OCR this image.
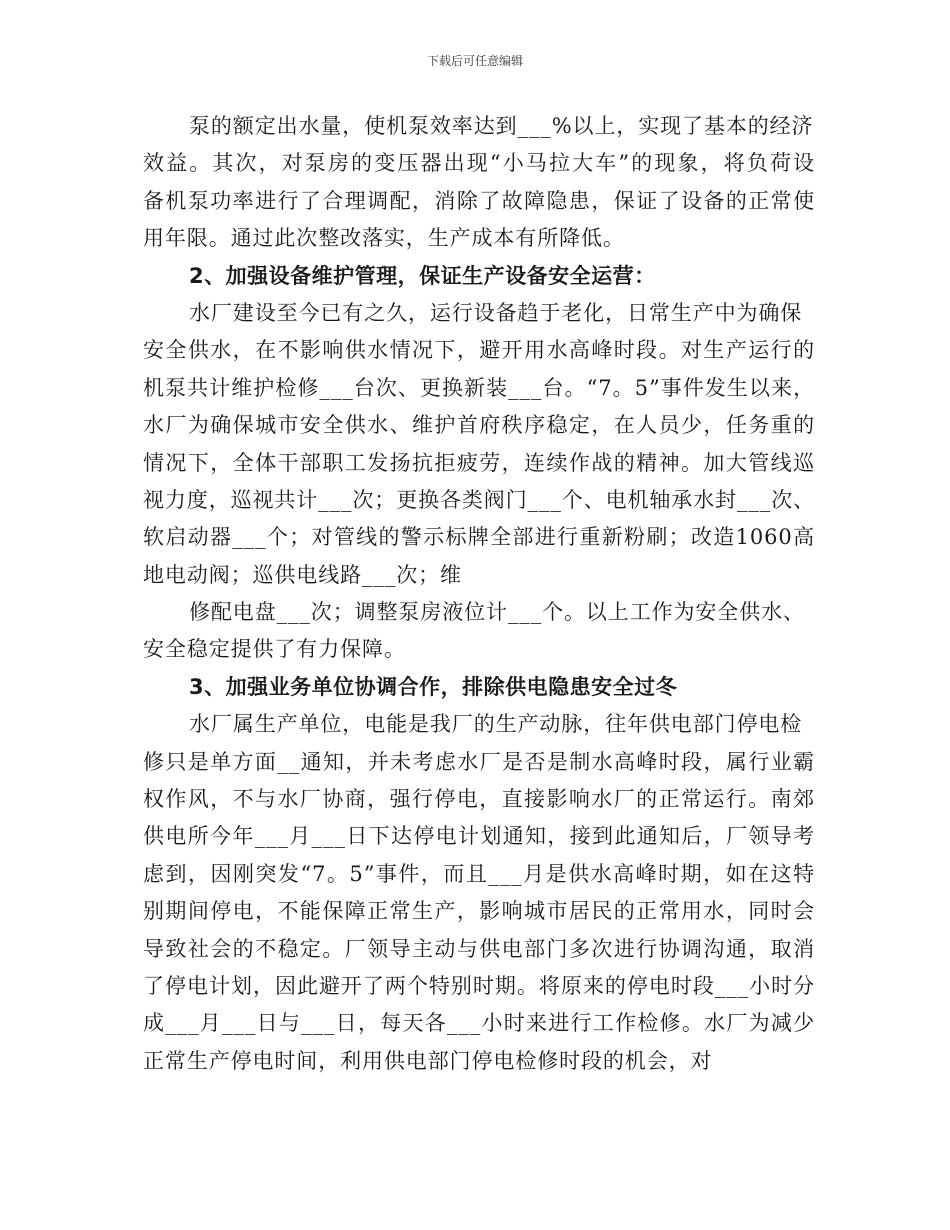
下载后可任意编辑
泵的额定出水量，使机泵效率达到___%以上，实现了基本的经济
效益。其次，对泵房的变压器出现“小马拉大车”的现象，将负荷设
备机泵功率进行了合理调配，消除了故障隐患，保证了设备的正常使
用年限。通过此次整改落实，生产成本有所降低。
2、加强设备维护管理，保证生产设备安全运营：
水厂建设至今已有之久，运行设备趋于老化，日常生产中为确保
安全供水，在不影响供水情况下，避开用水高峰时段。对生产运行的
机泵共计维护检修___台次、更换新装___台。“7。5”事件发生以来，
水厂为确保城市安全供水、维护首府秩序稳定，在人员少，任务重的
情况下，全体干部职工发扬抗拒疲劳，连续作战的精神。加大管线巡
视力度，巡视共计___次；更换各类阀门___个、电机轴承水封___次、
软启动器___个；对管线的警示标牌全部进行重新粉刷；改造1060高
地电动阀；巡供电线路___次；维
修配电盘___次；调整泵房液位计___个。以上工作为安全供水、
安全稳定提供了有力保障。
3、加强业务单位协调合作，排除供电隐患安全过冬
水厂属生产单位，电能是我厂的生产动脉，往年供电部门停电检
修只是单方面__通知，并未考虑水厂是否是制水高峰时段，属行业霸
权作风，不与水厂协商，强行停电，直接影响水厂的正常运行。南郊
供电所今年___月___日下达停电计划通知，接到此通知后，厂领导考
虑到，因刚突发“7。5”事件，而且___月是供水高峰时期，如在这特
别期间停电，不能保障正常生产，影响城市居民的正常用水，同时会
导致社会的不稳定。厂领导主动与供电部门多次进行协调沟通，取消
了停电计划，因此避开了两个特别时期。将原来的停电时段___小时分
成___月___日与___日，每天各___小时来进行工作检修。水厂为减少
正常生产停电时间，利用供电部门停电检修时段的机会，对
